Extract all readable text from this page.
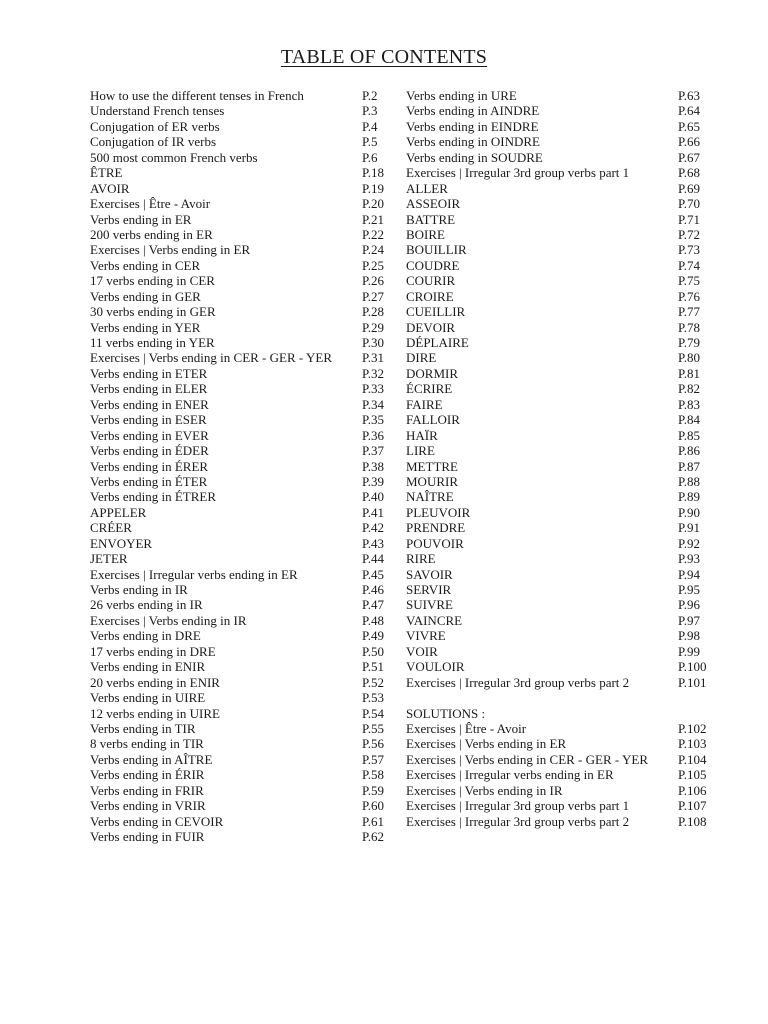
TABLE OF CONTENTS
How to use the different tenses in French	P.2
Understand French tenses	P.3
Conjugation of ER verbs	P.4
Conjugation of IR verbs	P.5
500 most common French verbs	P.6
ÊTRE	P.18
AVOIR	P.19
Exercises | Être - Avoir	P.20
Verbs ending in ER	P.21
200 verbs ending in ER	P.22
Exercises | Verbs ending in ER	P.24
Verbs ending in CER	P.25
17 verbs ending in CER	P.26
Verbs ending in GER	P.27
30 verbs ending in GER	P.28
Verbs ending in YER	P.29
11 verbs ending in YER	P.30
Exercises | Verbs ending in CER - GER - YER	P.31
Verbs ending in ETER	P.32
Verbs ending in ELER	P.33
Verbs ending in ENER	P.34
Verbs ending in ESER	P.35
Verbs ending in EVER	P.36
Verbs ending in ÉDER	P.37
Verbs ending in ÉRER	P.38
Verbs ending in ÉTER	P.39
Verbs ending in ÉTRER	P.40
APPELER	P.41
CRÉER	P.42
ENVOYER	P.43
JETER	P.44
Exercises | Irregular verbs ending in ER	P.45
Verbs ending in IR	P.46
26 verbs ending in IR	P.47
Exercises | Verbs ending in IR	P.48
Verbs ending in DRE	P.49
17 verbs ending in DRE	P.50
Verbs ending in ENIR	P.51
20 verbs ending in ENIR	P.52
Verbs ending in UIRE	P.53
12 verbs ending in UIRE	P.54
Verbs ending in TIR	P.55
8 verbs ending in TIR	P.56
Verbs ending in AÎTRE	P.57
Verbs ending in ÉRIR	P.58
Verbs ending in FRIR	P.59
Verbs ending in VRIR	P.60
Verbs ending in CEVOIR	P.61
Verbs ending in FUIR	P.62
Verbs ending in URE	P.63
Verbs ending in AINDRE	P.64
Verbs ending in EINDRE	P.65
Verbs ending in OINDRE	P.66
Verbs ending in SOUDRE	P.67
Exercises | Irregular 3rd group verbs part 1	P.68
ALLER	P.69
ASSEOIR	P.70
BATTRE	P.71
BOIRE	P.72
BOUILLIR	P.73
COUDRE	P.74
COURIR	P.75
CROIRE	P.76
CUEILLIR	P.77
DEVOIR	P.78
DÉPLAIRE	P.79
DIRE	P.80
DORMIR	P.81
ÉCRIRE	P.82
FAIRE	P.83
FALLOIR	P.84
HAÏR	P.85
LIRE	P.86
METTRE	P.87
MOURIR	P.88
NAÎTRE	P.89
PLEUVOIR	P.90
PRENDRE	P.91
POUVOIR	P.92
RIRE	P.93
SAVOIR	P.94
SERVIR	P.95
SUIVRE	P.96
VAINCRE	P.97
VIVRE	P.98
VOIR	P.99
VOULOIR	P.100
Exercises | Irregular 3rd group verbs part 2	P.101
SOLUTIONS :
Exercises | Être - Avoir	P.102
Exercises | Verbs ending in ER	P.103
Exercises | Verbs ending in CER - GER - YER	P.104
Exercises | Irregular verbs ending in ER	P.105
Exercises | Verbs ending in IR	P.106
Exercises | Irregular 3rd group verbs part 1	P.107
Exercises | Irregular 3rd group verbs part 2	P.108
